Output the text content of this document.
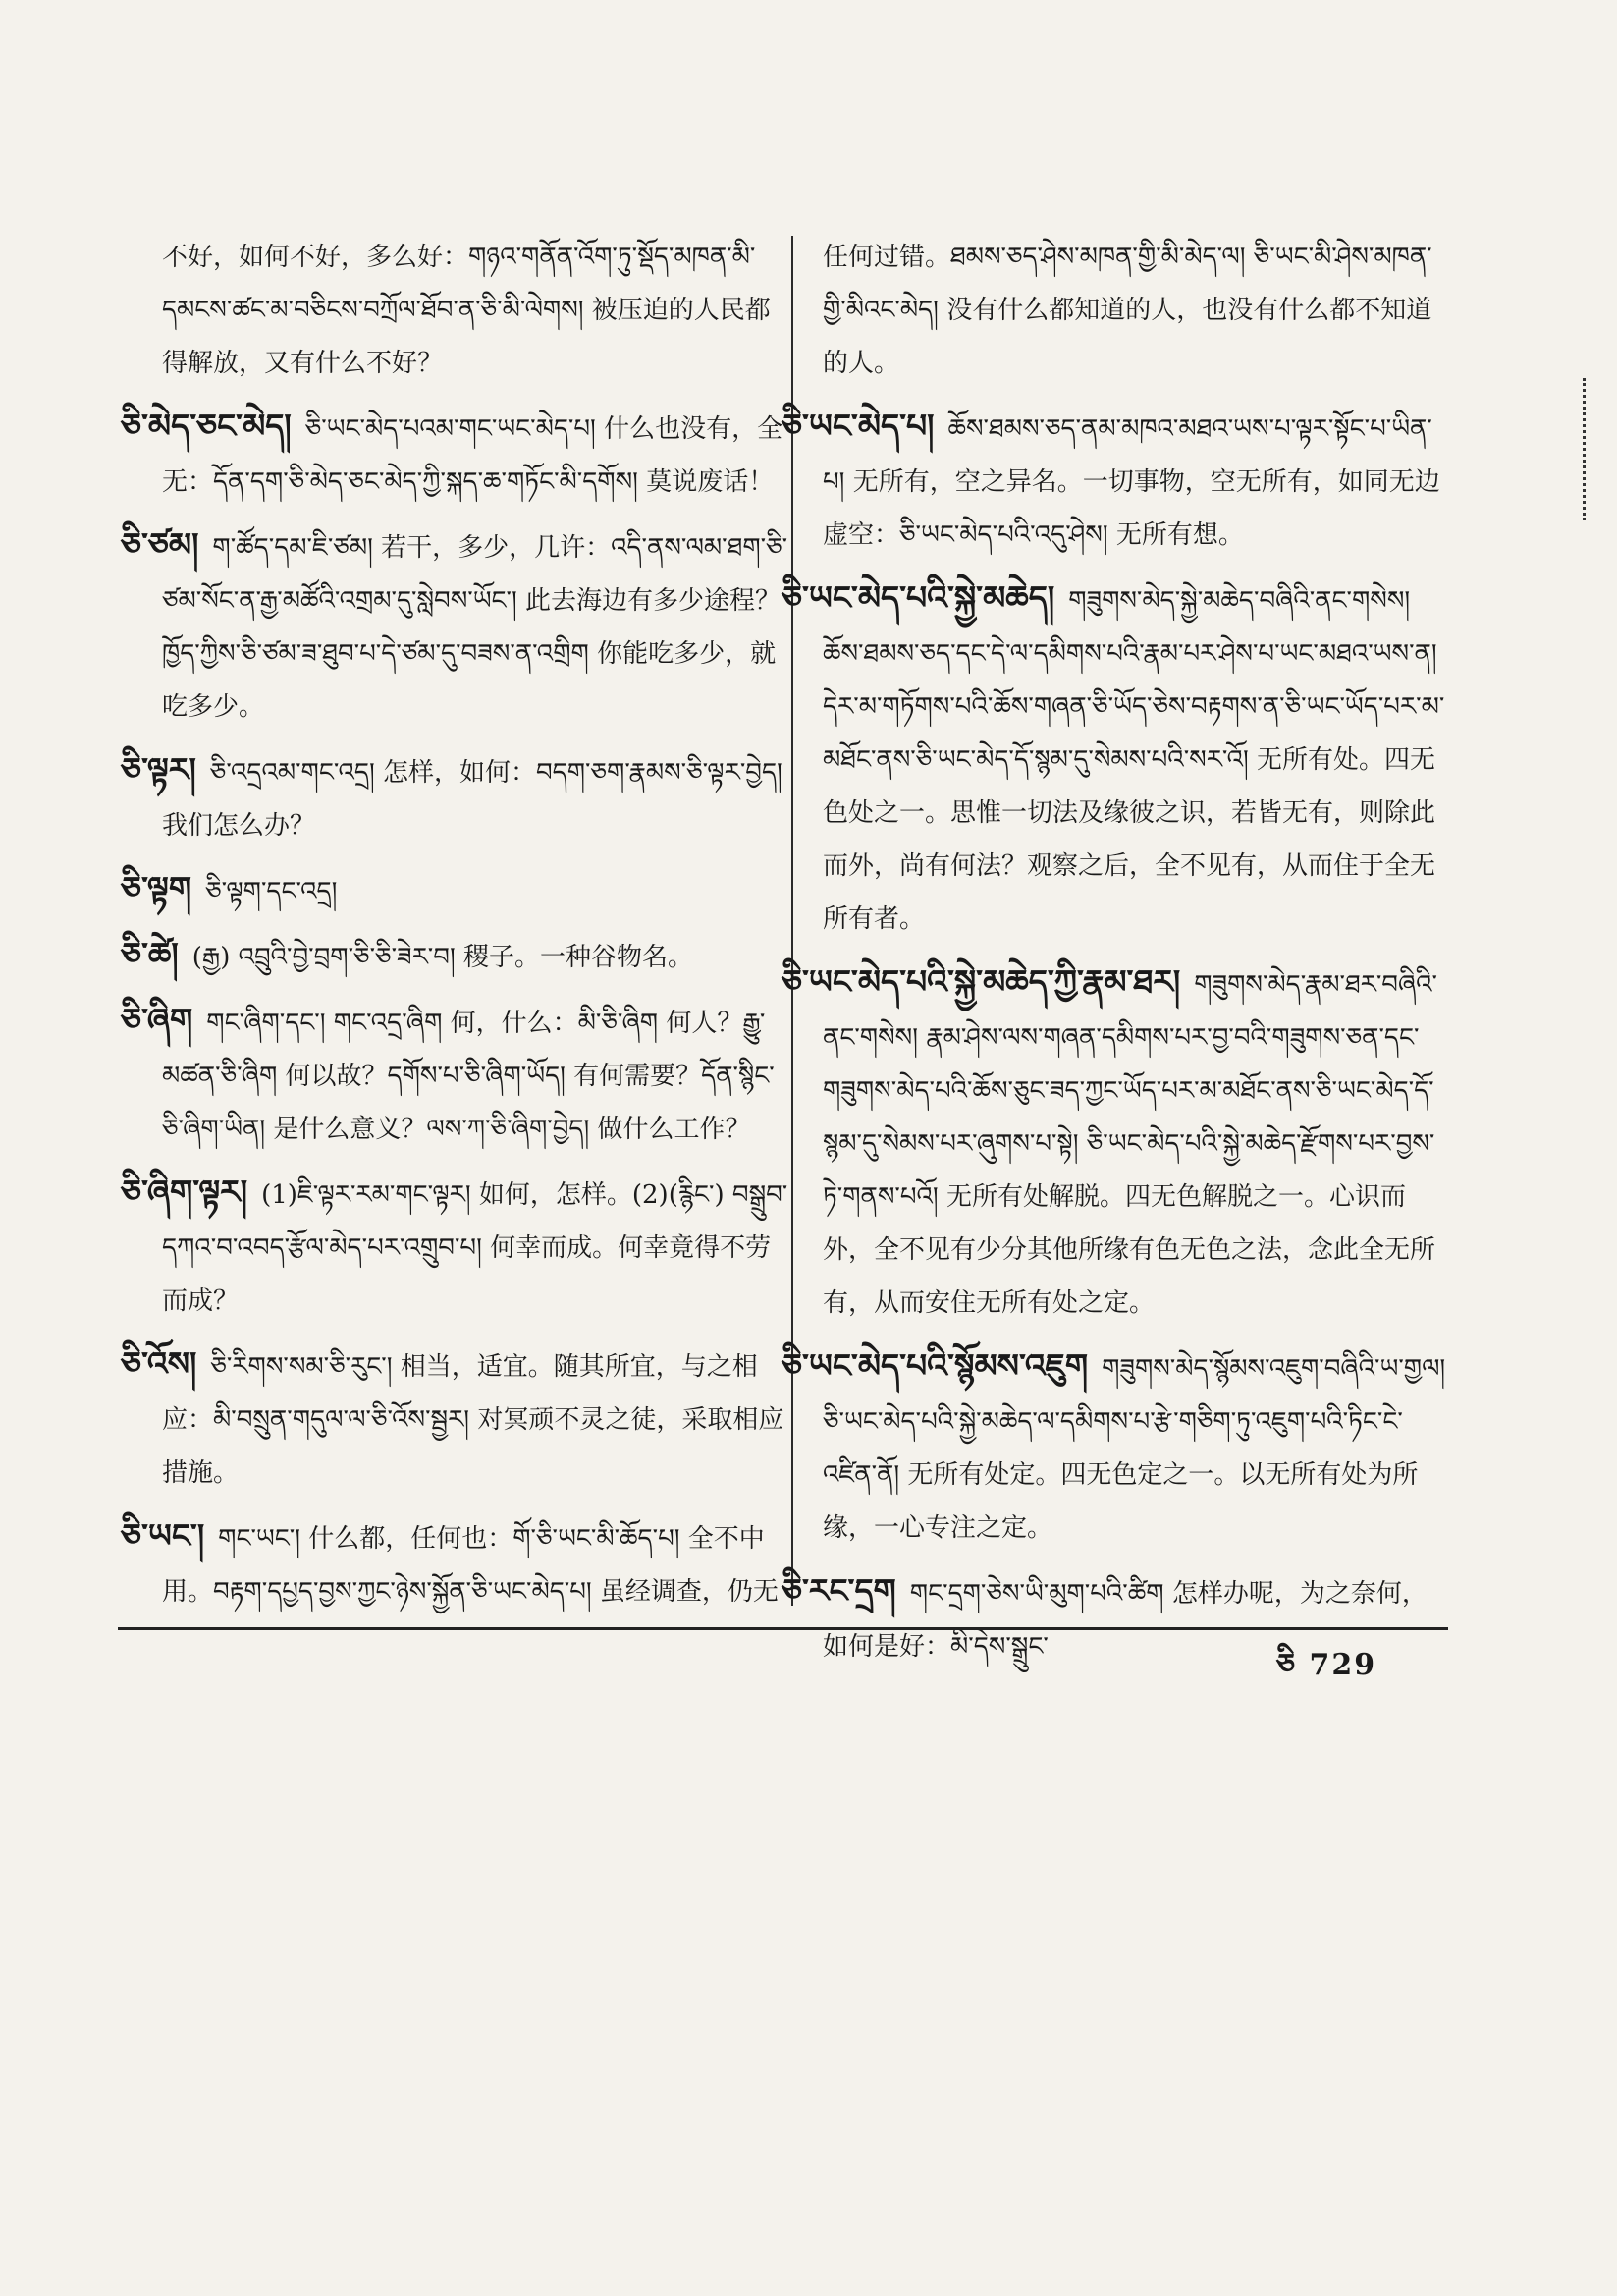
不好，如何不好，多么好：གཉའ་གནོན་འོག་ཏུ་སྡོད་མཁན་མི་དམངས་ཚང་མ་བཅིངས་བཀྲོལ་ཐོབ་ན་ཅི་མི་ལེགས། 被压迫的人民都得解放，又有什么不好？
ཅི་མེད་ཅང་མེད། ཅི་ཡང་མེད་པའམ་གང་ཡང་མེད་པ། 什么也没有，全无：དོན་དག་ཅི་མེད་ཅང་མེད་ཀྱི་སྐད་ཆ་གཏོང་མི་དགོས། 莫说废话！
ཅི་ཙམ། ག་ཚོད་དམ་ཇི་ཙམ། 若干，多少，几许：འདི་ནས་ལམ་ཐག་ཅི་ཙམ་སོང་ན་རྒྱ་མཚོའི་འགྲམ་དུ་སླེབས་ཡོང་། 此去海边有多少途程？ཁྱོད་ཀྱིས་ཅི་ཙམ་ཟ་ཐུབ་པ་དེ་ཙམ་དུ་བཟས་ན་འགྲིག 你能吃多少，就吃多少。
ཅི་ལྟར། ཅི་འདྲའམ་གང་འདྲ། 怎样，如何：བདག་ཅག་རྣམས་ཅི་ལྟར་བྱེད། 我们怎么办？
ཅི་ལྟག ཅི་ལྟག་དང་འདྲ།
ཅི་ཚེ། (རྒྱ) འབྲུའི་བྱེ་བྲག་ཅི་ཅི་ཟེར་བ། 稷子。一种谷物名。
ཅི་ཞིག གང་ཞིག་དང་། གང་འདྲ་ཞིག 何，什么：མི་ཅི་ཞིག 何人？རྒྱུ་མཚན་ཅི་ཞིག 何以故？དགོས་པ་ཅི་ཞིག་ཡོད། 有何需要？དོན་སྙིང་ཅི་ཞིག་ཡིན། 是什么意义？ལས་ཀ་ཅི་ཞིག་བྱེད། 做什么工作？
ཅི་ཞིག་ལྟར། (1)ཇི་ལྟར་རམ་གང་ལྟར། 如何，怎样。(2)(རྙིང་) བསྒྲུབ་དཀའ་བ་འབད་རྩོལ་མེད་པར་འགྲུབ་པ། 何幸而成。何幸竟得不劳而成？
ཅི་འོས། ཅི་རིགས་སམ་ཅི་རུང་། 相当，适宜。随其所宜，与之相应：མི་བསྲུན་གདུལ་ལ་ཅི་འོས་སྦྱར། 对冥顽不灵之徒，采取相应措施。
ཅི་ཡང་། གང་ཡང་། 什么都，任何也：གོ་ཅི་ཡང་མི་ཆོད་པ། 全不中用。བརྟག་དཔྱད་བྱས་ཀྱང་ཉེས་སྐྱོན་ཅི་ཡང་མེད་པ། 虽经调查，仍无
任何过错。ཐམས་ཅད་ཤེས་མཁན་གྱི་མི་མེད་ལ། ཅི་ཡང་མི་ཤེས་མཁན་གྱི་མིའང་མེད། 没有什么都知道的人，也没有什么都不知道的人。
ཅི་ཡང་མེད་པ། ཆོས་ཐམས་ཅད་ནམ་མཁའ་མཐའ་ཡས་པ་ལྟར་སྟོང་པ་ཡིན་པ། 无所有，空之异名。一切事物，空无所有，如同无边虚空：ཅི་ཡང་མེད་པའི་འདུ་ཤེས། 无所有想。
ཅི་ཡང་མེད་པའི་སྐྱེ་མཆེད། གཟུགས་མེད་སྐྱེ་མཆེད་བཞིའི་ནང་གསེས། ཆོས་ཐམས་ཅད་དང་དེ་ལ་དམིགས་པའི་རྣམ་པར་ཤེས་པ་ཡང་མཐའ་ཡས་ན། དེར་མ་གཏོགས་པའི་ཆོས་གཞན་ཅི་ཡོད་ཅེས་བརྟགས་ན་ཅི་ཡང་ཡོད་པར་མ་མཐོང་ནས་ཅི་ཡང་མེད་དོ་སྙམ་དུ་སེམས་པའི་སར་འོ། 无所有处。四无色处之一。思惟一切法及缘彼之识，若皆无有，则除此而外，尚有何法？观察之后，全不见有，从而住于全无所有者。
ཅི་ཡང་མེད་པའི་སྐྱེ་མཆེད་ཀྱི་རྣམ་ཐར། གཟུགས་མེད་རྣམ་ཐར་བཞིའི་ནང་གསེས། རྣམ་ཤེས་ལས་གཞན་དམིགས་པར་བྱ་བའི་གཟུགས་ཅན་དང་གཟུགས་མེད་པའི་ཆོས་ཅུང་ཟད་ཀྱང་ཡོད་པར་མ་མཐོང་ནས་ཅི་ཡང་མེད་དོ་སྙམ་དུ་སེམས་པར་ཞུགས་པ་སྟེ། ཅི་ཡང་མེད་པའི་སྐྱེ་མཆེད་རྫོགས་པར་བྱས་ཏེ་གནས་པའོ། 无所有处解脱。四无色解脱之一。心识而外，全不见有少分其他所缘有色无色之法，念此全无所有，从而安住无所有处之定。
ཅི་ཡང་མེད་པའི་སྙོམས་འཇུག གཟུགས་མེད་སྙོམས་འཇུག་བཞིའི་ཡ་གྱལ། ཅི་ཡང་མེད་པའི་སྐྱེ་མཆེད་ལ་དམིགས་པ་རྩེ་གཅིག་ཏུ་འཇུག་པའི་ཏིང་ངེ་འཛིན་ནོ། 无所有处定。四无色定之一。以无所有处为所缘，一心专注之定。
ཅི་རང་དྲག གང་དྲག་ཅེས་ཡི་མུག་པའི་ཚིག 怎样办呢，为之奈何，如何是好：མི་དེས་སྒྲུང་
ཅི 729
